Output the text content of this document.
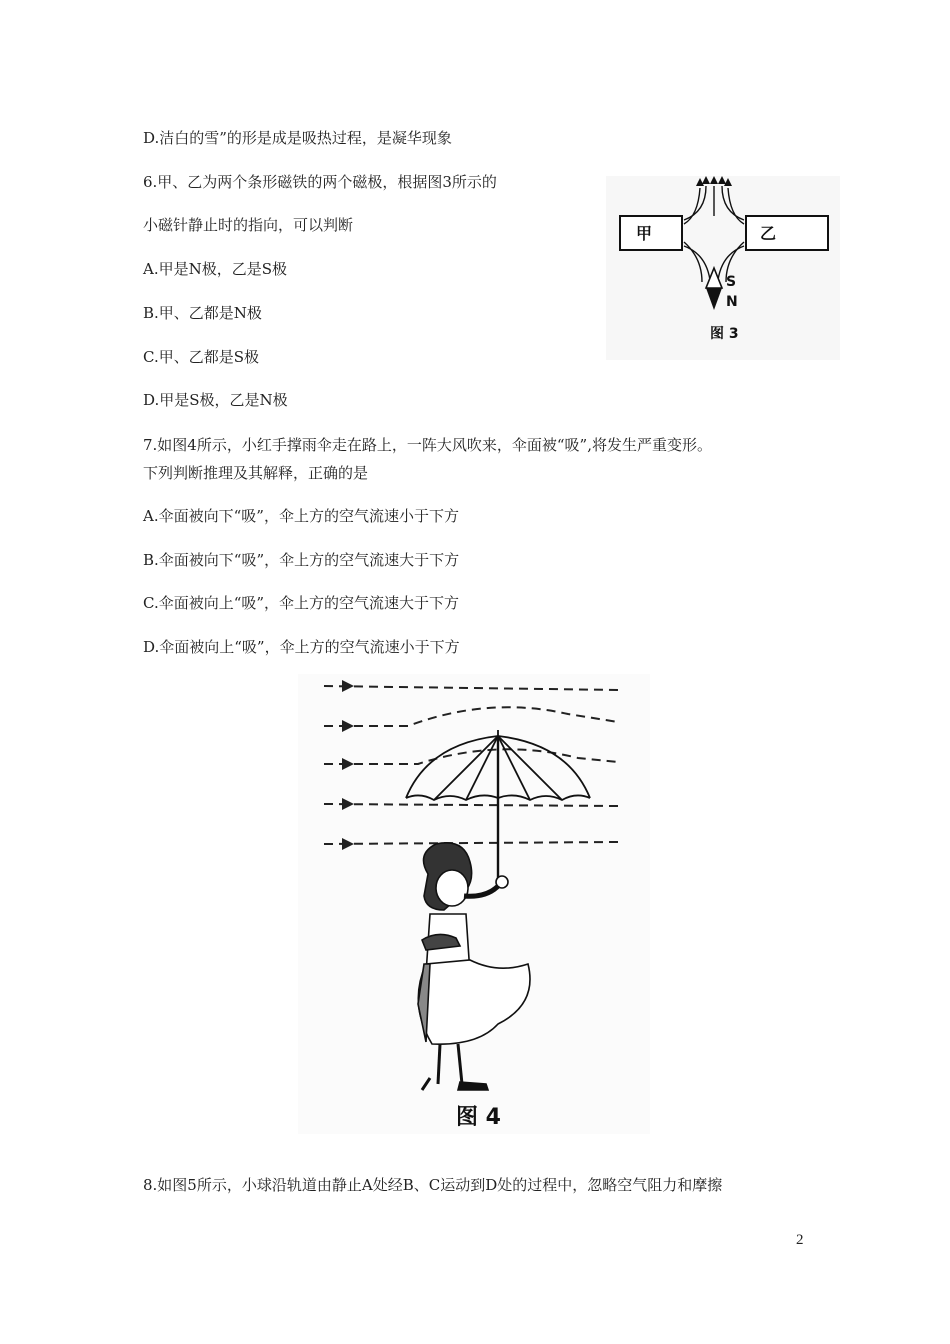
D.洁白的雪”的形是成是吸热过程，是凝华现象
6.甲、乙为两个条形磁铁的两个磁极，根据图3所示的
小磁针静止时的指向，可以判断
A.甲是N极，乙是S极
B.甲、乙都是N极
C.甲、乙都是S极
D.甲是S极，乙是N极
7.如图4所示，小红手撑雨伞走在路上，一阵大风吹来，伞面被“吸”,将发生严重变形。
下列判断推理及其解释，正确的是
A.伞面被向下“吸”，伞上方的空气流速小于下方
B.伞面被向下“吸”，伞上方的空气流速大于下方
C.伞面被向上“吸”，伞上方的空气流速大于下方
D.伞面被向上“吸”，伞上方的空气流速小于下方
8.如图5所示，小球沿轨道由静止A处经B、C运动到D处的过程中，忽略空气阻力和摩擦
甲	乙
S
N
图 3
图 4
2
